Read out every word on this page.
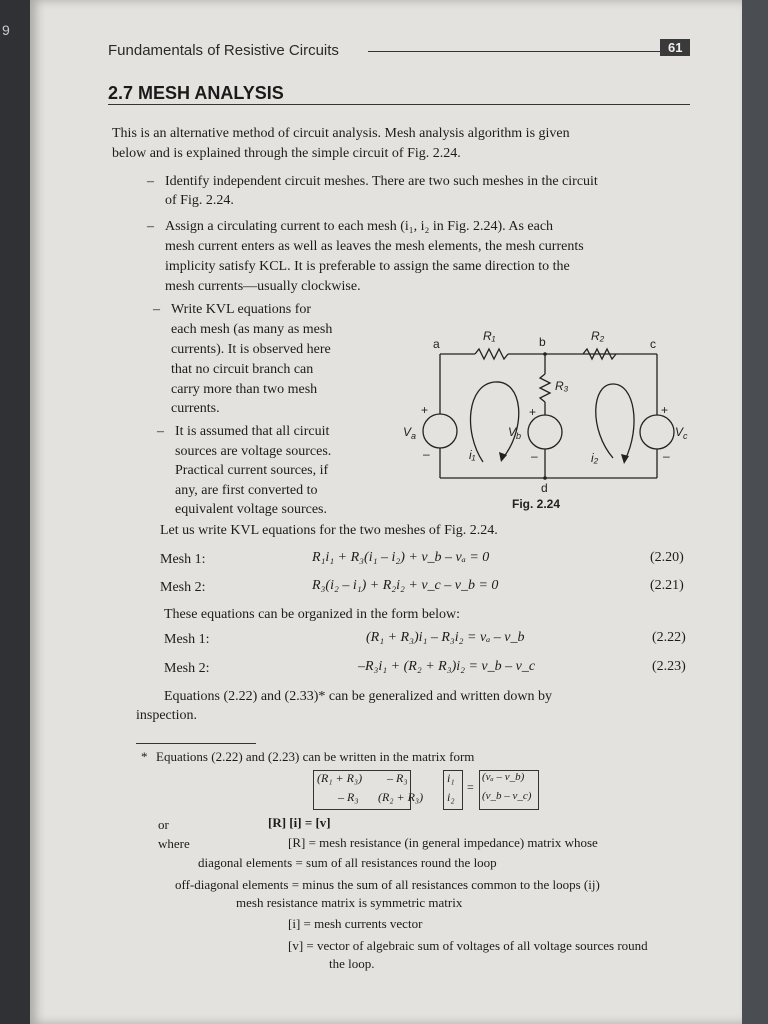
9
Fundamentals of Resistive Circuits	61
2.7 MESH ANALYSIS
This is an alternative method of circuit analysis. Mesh analysis algorithm is given
below and is explained through the simple circuit of Fig. 2.24.
– Identify independent circuit meshes. There are two such meshes in the circuit
of Fig. 2.24.
– Assign a circulating current to each mesh (i₁, i₂ in Fig. 2.24). As each
mesh current enters as well as leaves the mesh elements, the mesh currents
implicity satisfy KCL. It is preferable to assign the same direction to the
mesh currents—usually clockwise.
– Write KVL equations for
each mesh (as many as mesh
currents). It is observed here
that no circuit branch can
carry more than two mesh
currents.
– It is assumed that all circuit
sources are voltage sources.
Practical current sources, if
any, are first converted to
equivalent voltage sources.
a	b	c
d
R₁	R₂
R₃
$V_a$	$V_b$	$V_c$
i₁	i₂
+
–
+
–
+
–
Fig. 2.24
Let us write KVL equations for the two meshes of Fig. 2.24.
Mesh 1:	R₁i₁ + R₃(i₁ – i₂) + v_b – vₐ = 0	(2.20)
Mesh 2:	R₃(i₂ – i₁) + R₂i₂ + v_c – v_b = 0	(2.21)
These equations can be organized in the form below:
Mesh 1:	(R₁ + R₃)i₁ – R₃i₂ = vₐ – v_b	(2.22)
Mesh 2:	–R₃i₁ + (R₂ + R₃)i₂ = v_b – v_c	(2.23)
Equations (2.22) and (2.33)* can be generalized and written down by
inspection.
* Equations (2.22) and (2.23) can be written in the matrix form
(R₁ + R₃) – R₃
– R₃ (R₂ + R₃)
i₁
i₂
=
(vₐ – v_b)
(v_b – v_c)
or	[R] [i] = [v]
where	[R] = mesh resistance (in general impedance) matrix whose
diagonal elements = sum of all resistances round the loop
off-diagonal elements = minus the sum of all resistances common to the loops (ij)
mesh resistance matrix is symmetric matrix
[i] = mesh currents vector
[v] = vector of algebraic sum of voltages of all voltage sources round
the loop.
